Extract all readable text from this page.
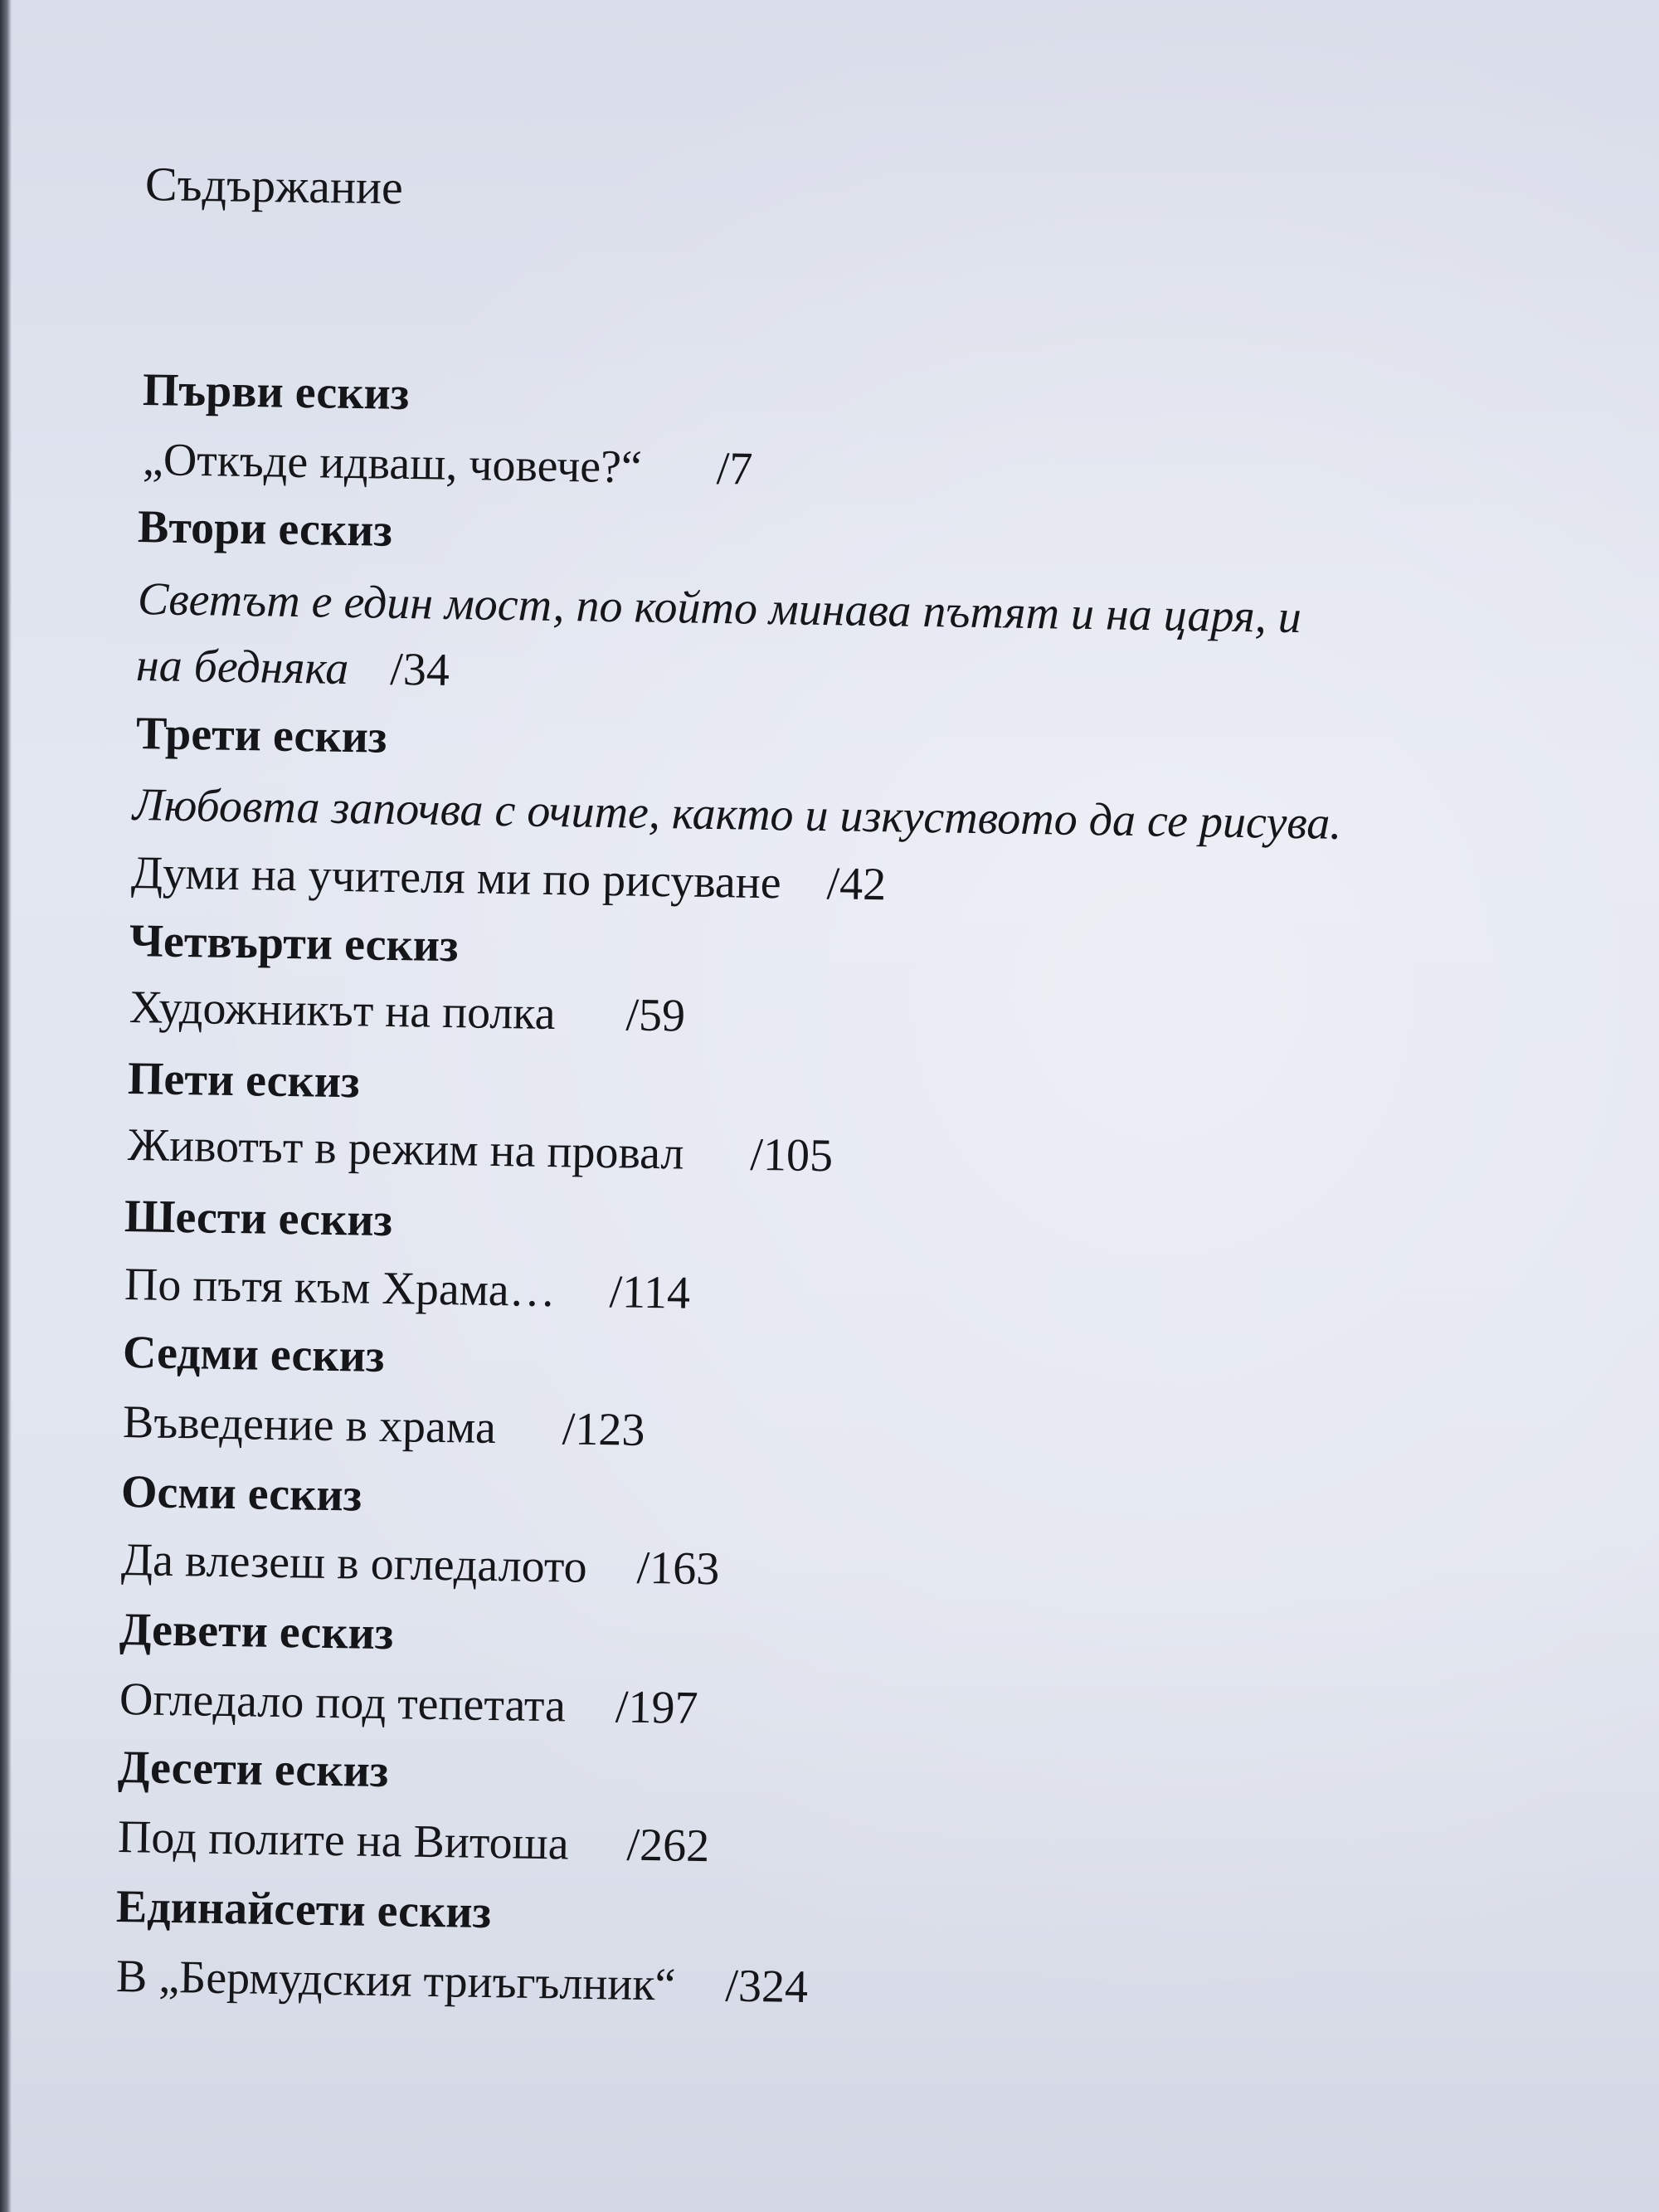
Съдържание
Първи ескиз
„Откъде идваш, човече?“ /7
Втори ескиз
Светът е един мост, по който минава пътят и на царя, и
на бедняка /34
Трети ескиз
Любовта започва с очите, както и изкуството да се рисува.
Думи на учителя ми по рисуване /42
Четвърти ескиз
Художникът на полка /59
Пети ескиз
Животът в режим на провал /105
Шести ескиз
По пътя към Храма… /114
Седми ескиз
Въведение в храма /123
Осми ескиз
Да влезеш в огледалото /163
Девети ескиз
Огледало под тепетата /197
Десети ескиз
Под полите на Витоша /262
Единайсети ескиз
В „Бермудския триъгълник“ /324
